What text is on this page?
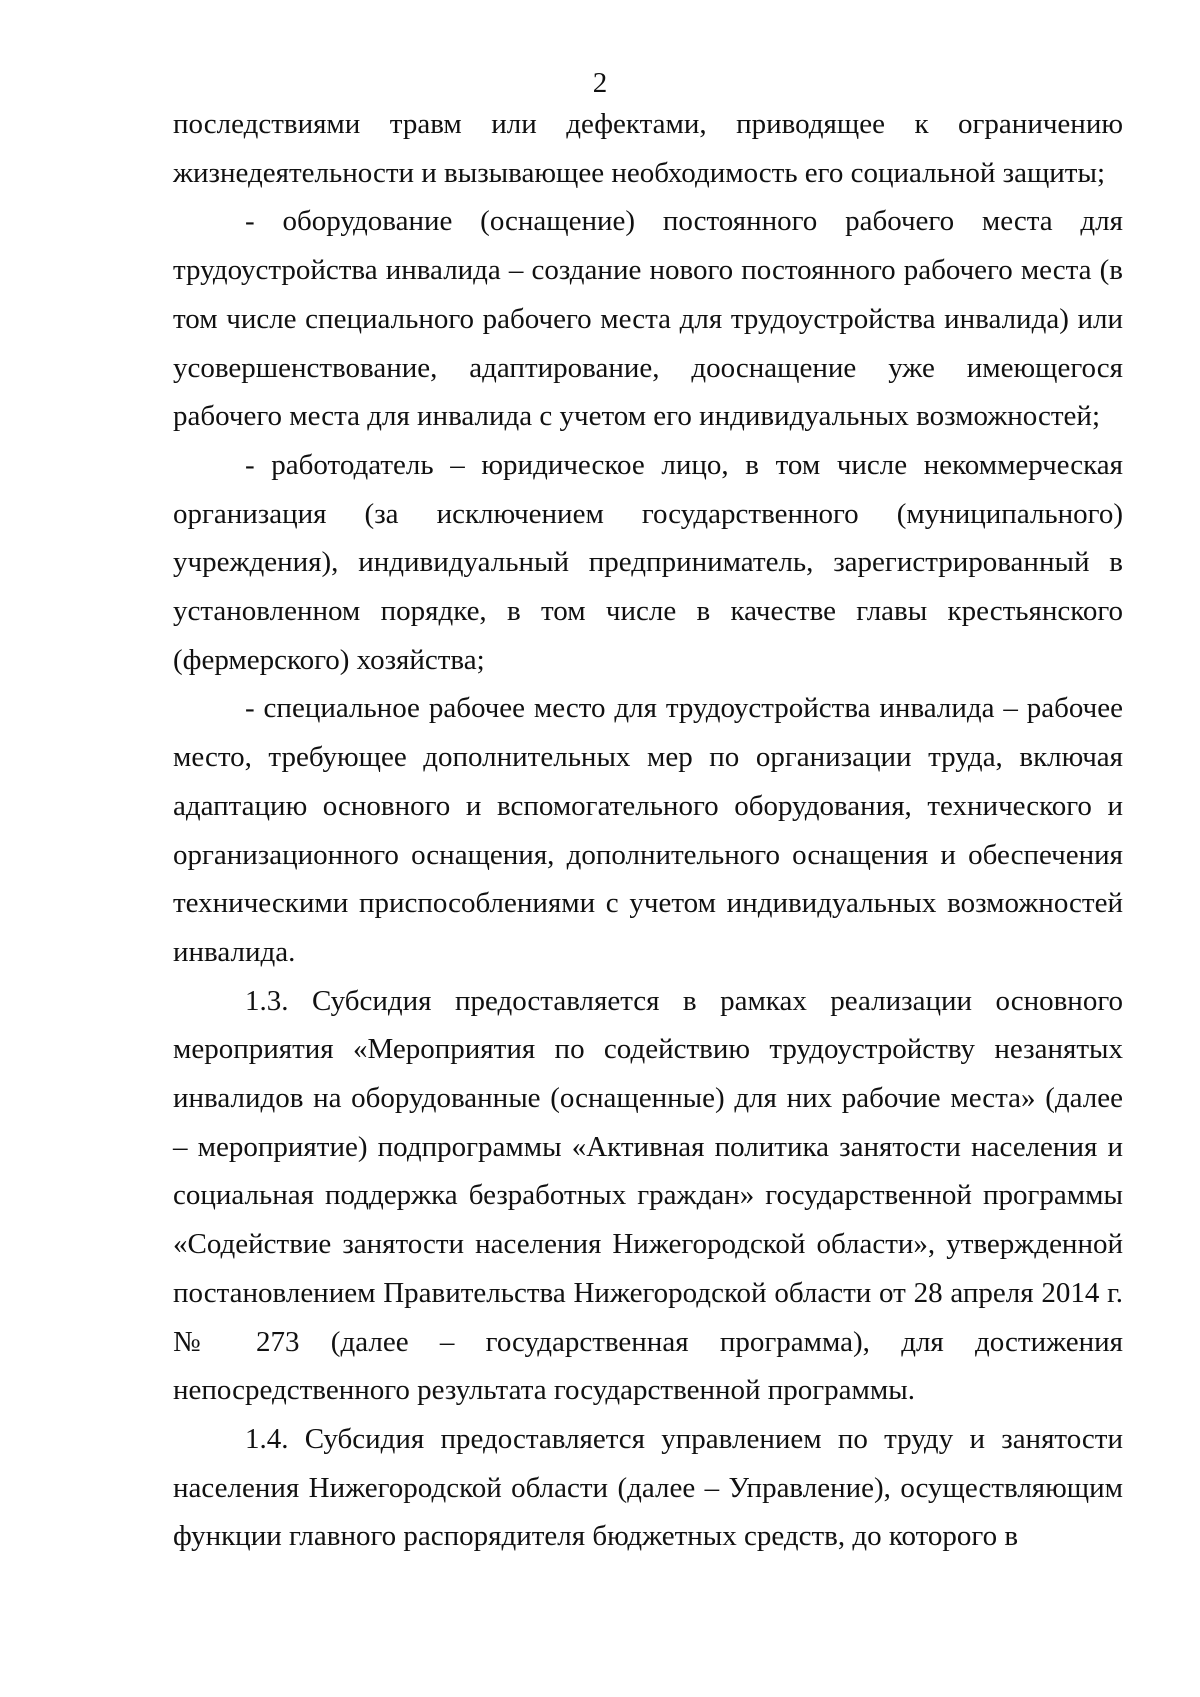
2

последствиями травм или дефектами, приводящее к ограничению жизнедеятельности и вызывающее необходимость его социальной защиты;

- оборудование (оснащение) постоянного рабочего места для трудоустройства инвалида – создание нового постоянного рабочего места (в том числе специального рабочего места для трудоустройства инвалида) или усовершенствование, адаптирование, дооснащение уже имеющегося рабочего места для инвалида с учетом его индивидуальных возможностей;

- работодатель – юридическое лицо, в том числе некоммерческая организация (за исключением государственного (муниципального) учреждения), индивидуальный предприниматель, зарегистрированный в установленном порядке, в том числе в качестве главы крестьянского (фермерского) хозяйства;

- специальное рабочее место для трудоустройства инвалида – рабочее место, требующее дополнительных мер по организации труда, включая адаптацию основного и вспомогательного оборудования, технического и организационного оснащения, дополнительного оснащения и обеспечения техническими приспособлениями с учетом индивидуальных возможностей инвалида.

1.3. Субсидия предоставляется в рамках реализации основного мероприятия «Мероприятия по содействию трудоустройству незанятых инвалидов на оборудованные (оснащенные) для них рабочие места» (далее – мероприятие) подпрограммы «Активная политика занятости населения и социальная поддержка безработных граждан» государственной программы «Содействие занятости населения Нижегородской области», утвержденной постановлением Правительства Нижегородской области от 28 апреля 2014 г. № 273 (далее – государственная программа), для достижения непосредственного результата государственной программы.

1.4. Субсидия предоставляется управлением по труду и занятости населения Нижегородской области (далее – Управление), осуществляющим функции главного распорядителя бюджетных средств, до которого в
